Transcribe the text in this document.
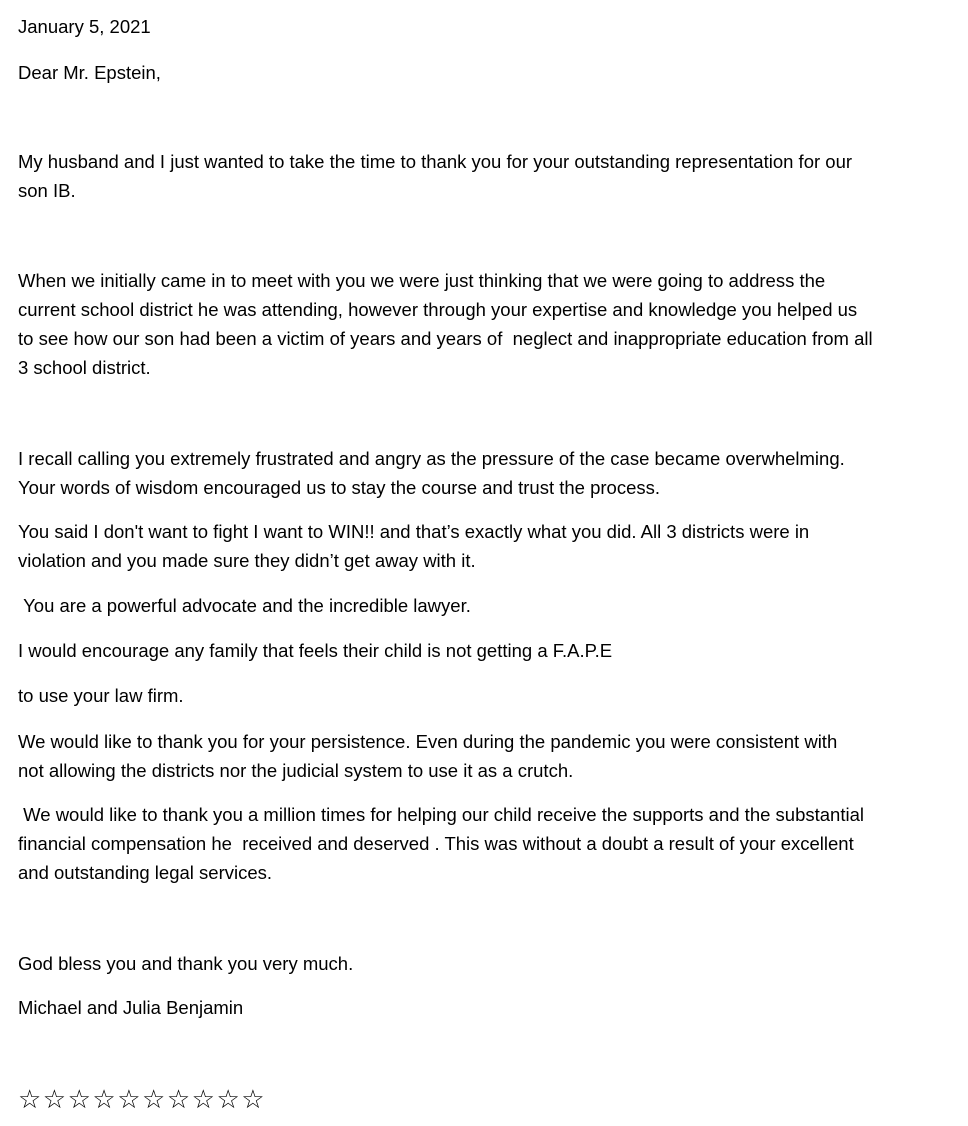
January 5, 2021

Dear Mr. Epstein,

My husband and I just wanted to take the time to thank you for your outstanding representation for our
son IB.

When we initially came in to meet with you we were just thinking that we were going to address the
current school district he was attending, however through your expertise and knowledge you helped us
to see how our son had been a victim of years and years of  neglect and inappropriate education from all
3 school district.

I recall calling you extremely frustrated and angry as the pressure of the case became overwhelming.
Your words of wisdom encouraged us to stay the course and trust the process.

You said I don't want to fight I want to WIN!! and that’s exactly what you did. All 3 districts were in
violation and you made sure they didn’t get away with it.

You are a powerful advocate and the incredible lawyer.

I would encourage any family that feels their child is not getting a F.A.P.E

to use your law firm.

We would like to thank you for your persistence. Even during the pandemic you were consistent with
not allowing the districts nor the judicial system to use it as a crutch.

We would like to thank you a million times for helping our child receive the supports and the substantial
financial compensation he  received and deserved . This was without a doubt a result of your excellent
and outstanding legal services.

God bless you and thank you very much.

Michael and Julia Benjamin

☆☆☆☆☆☆☆☆☆☆
